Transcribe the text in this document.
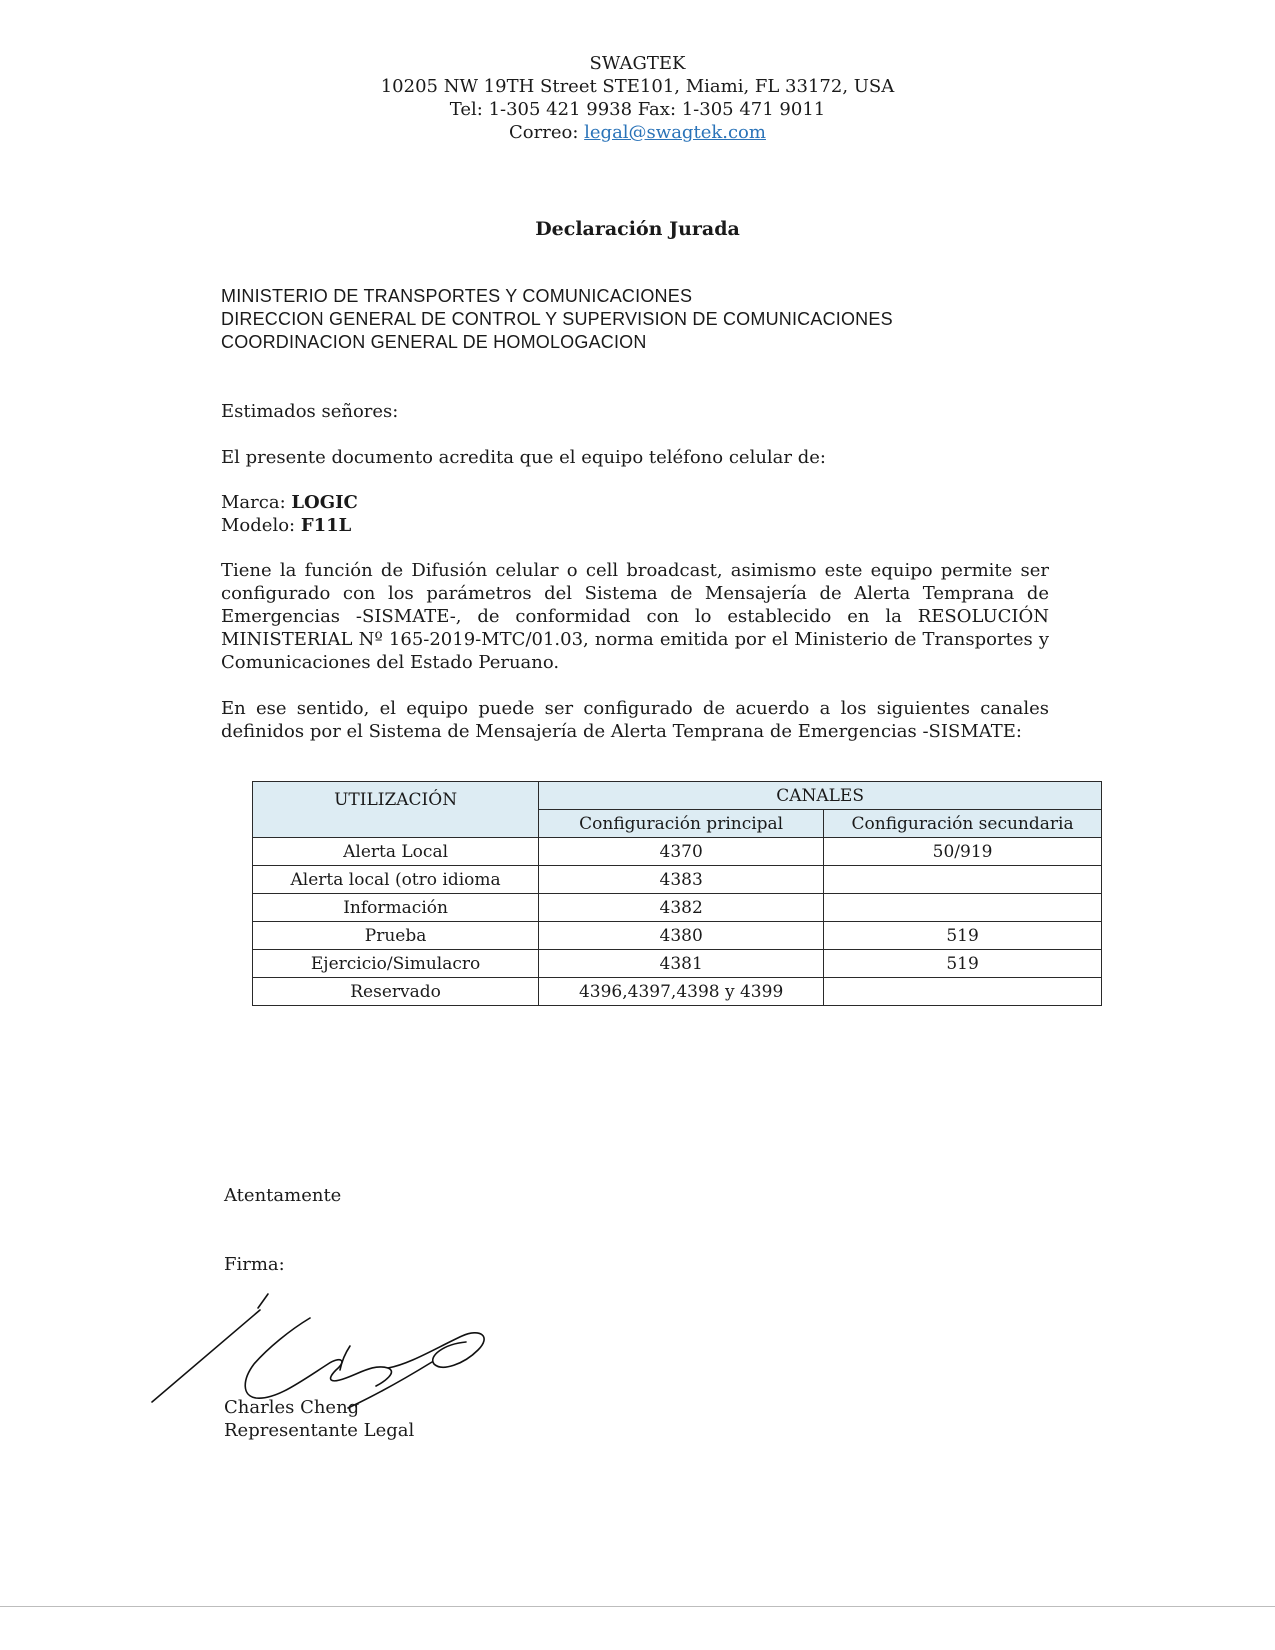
SWAGTEK
10205 NW 19TH Street STE101, Miami, FL 33172, USA
Tel: 1-305 421 9938 Fax: 1-305 471 9011
Correo: legal@swagtek.com
Declaración Jurada
MINISTERIO DE TRANSPORTES Y COMUNICACIONES
DIRECCION GENERAL DE CONTROL Y SUPERVISION DE COMUNICACIONES
COORDINACION GENERAL DE HOMOLOGACION
Estimados señores:
El presente documento acredita que el equipo teléfono celular de:
Marca: LOGIC
Modelo: F11L
Tiene la función de Difusión celular o cell broadcast, asimismo este equipo permite ser configurado con los parámetros del Sistema de Mensajería de Alerta Temprana de Emergencias -SISMATE-, de conformidad con lo establecido en la RESOLUCIÓN MINISTERIAL Nº 165-2019-MTC/01.03, norma emitida por el Ministerio de Transportes y Comunicaciones del Estado Peruano.
En ese sentido, el equipo puede ser configurado de acuerdo a los siguientes canales definidos por el Sistema de Mensajería de Alerta Temprana de Emergencias -SISMATE:
UTILIZACIÓN	CANALES	
	Configuración principal	Configuración secundaria
Alerta Local	4370	50/919
Alerta local (otro idioma	4383	
Información	4382	
Prueba	4380	519
Ejercicio/Simulacro	4381	519
Reservado	4396,4397,4398 y 4399	
Atentamente
Firma:
Charles Cheng
Representante Legal
